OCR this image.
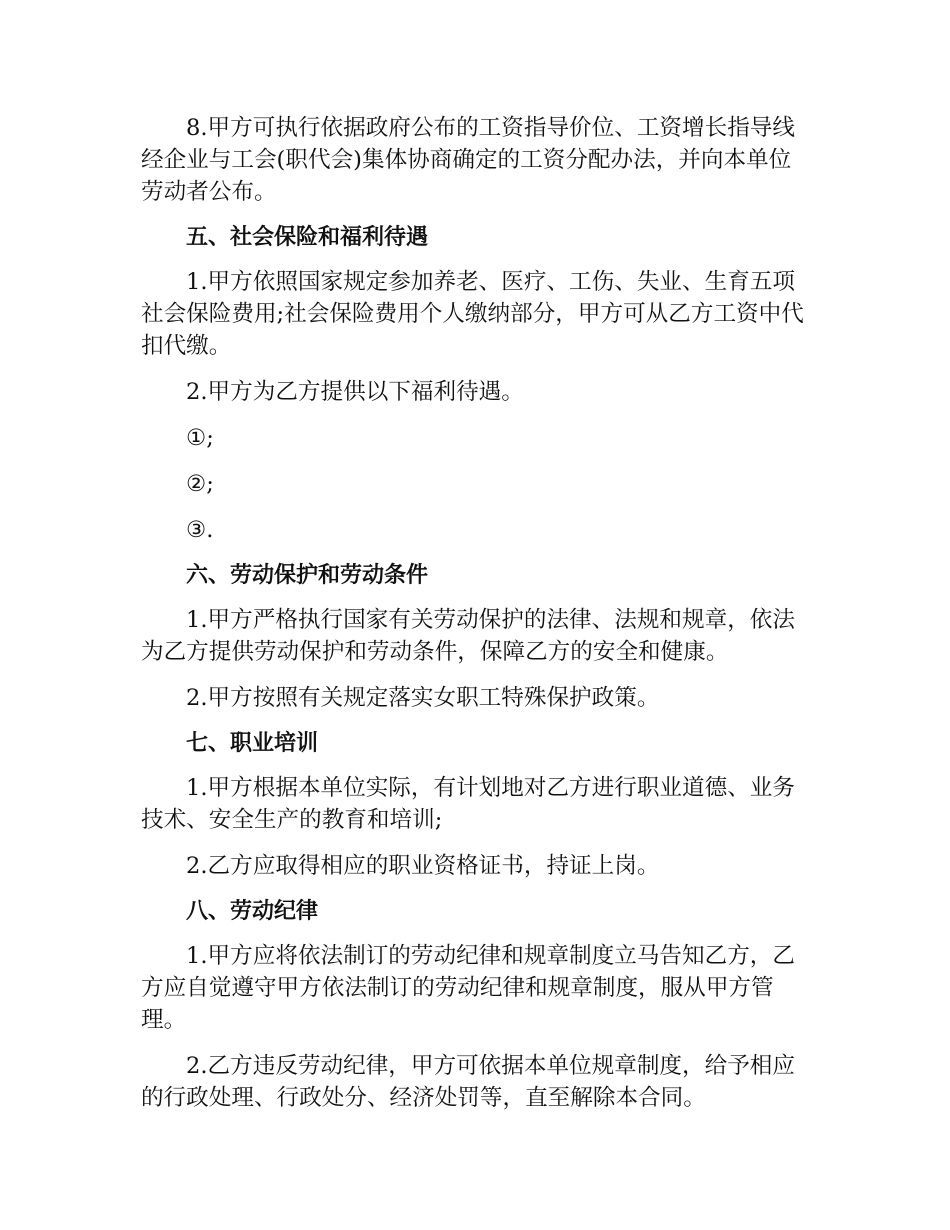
8.甲方可执行依据政府公布的工资指导价位、工资增长指导线经企业与工会(职代会)集体协商确定的工资分配办法，并向本单位劳动者公布。

五、社会保险和福利待遇

1.甲方依照国家规定参加养老、医疗、工伤、失业、生育五项社会保险费用;社会保险费用个人缴纳部分，甲方可从乙方工资中代扣代缴。

2.甲方为乙方提供以下福利待遇。

①;

②;

③.

六、劳动保护和劳动条件

1.甲方严格执行国家有关劳动保护的法律、法规和规章，依法为乙方提供劳动保护和劳动条件，保障乙方的安全和健康。

2.甲方按照有关规定落实女职工特殊保护政策。

七、职业培训

1.甲方根据本单位实际，有计划地对乙方进行职业道德、业务技术、安全生产的教育和培训;

2.乙方应取得相应的职业资格证书，持证上岗。

八、劳动纪律

1.甲方应将依法制订的劳动纪律和规章制度立马告知乙方，乙方应自觉遵守甲方依法制订的劳动纪律和规章制度，服从甲方管理。

2.乙方违反劳动纪律，甲方可依据本单位规章制度，给予相应的行政处理、行政处分、经济处罚等，直至解除本合同。
